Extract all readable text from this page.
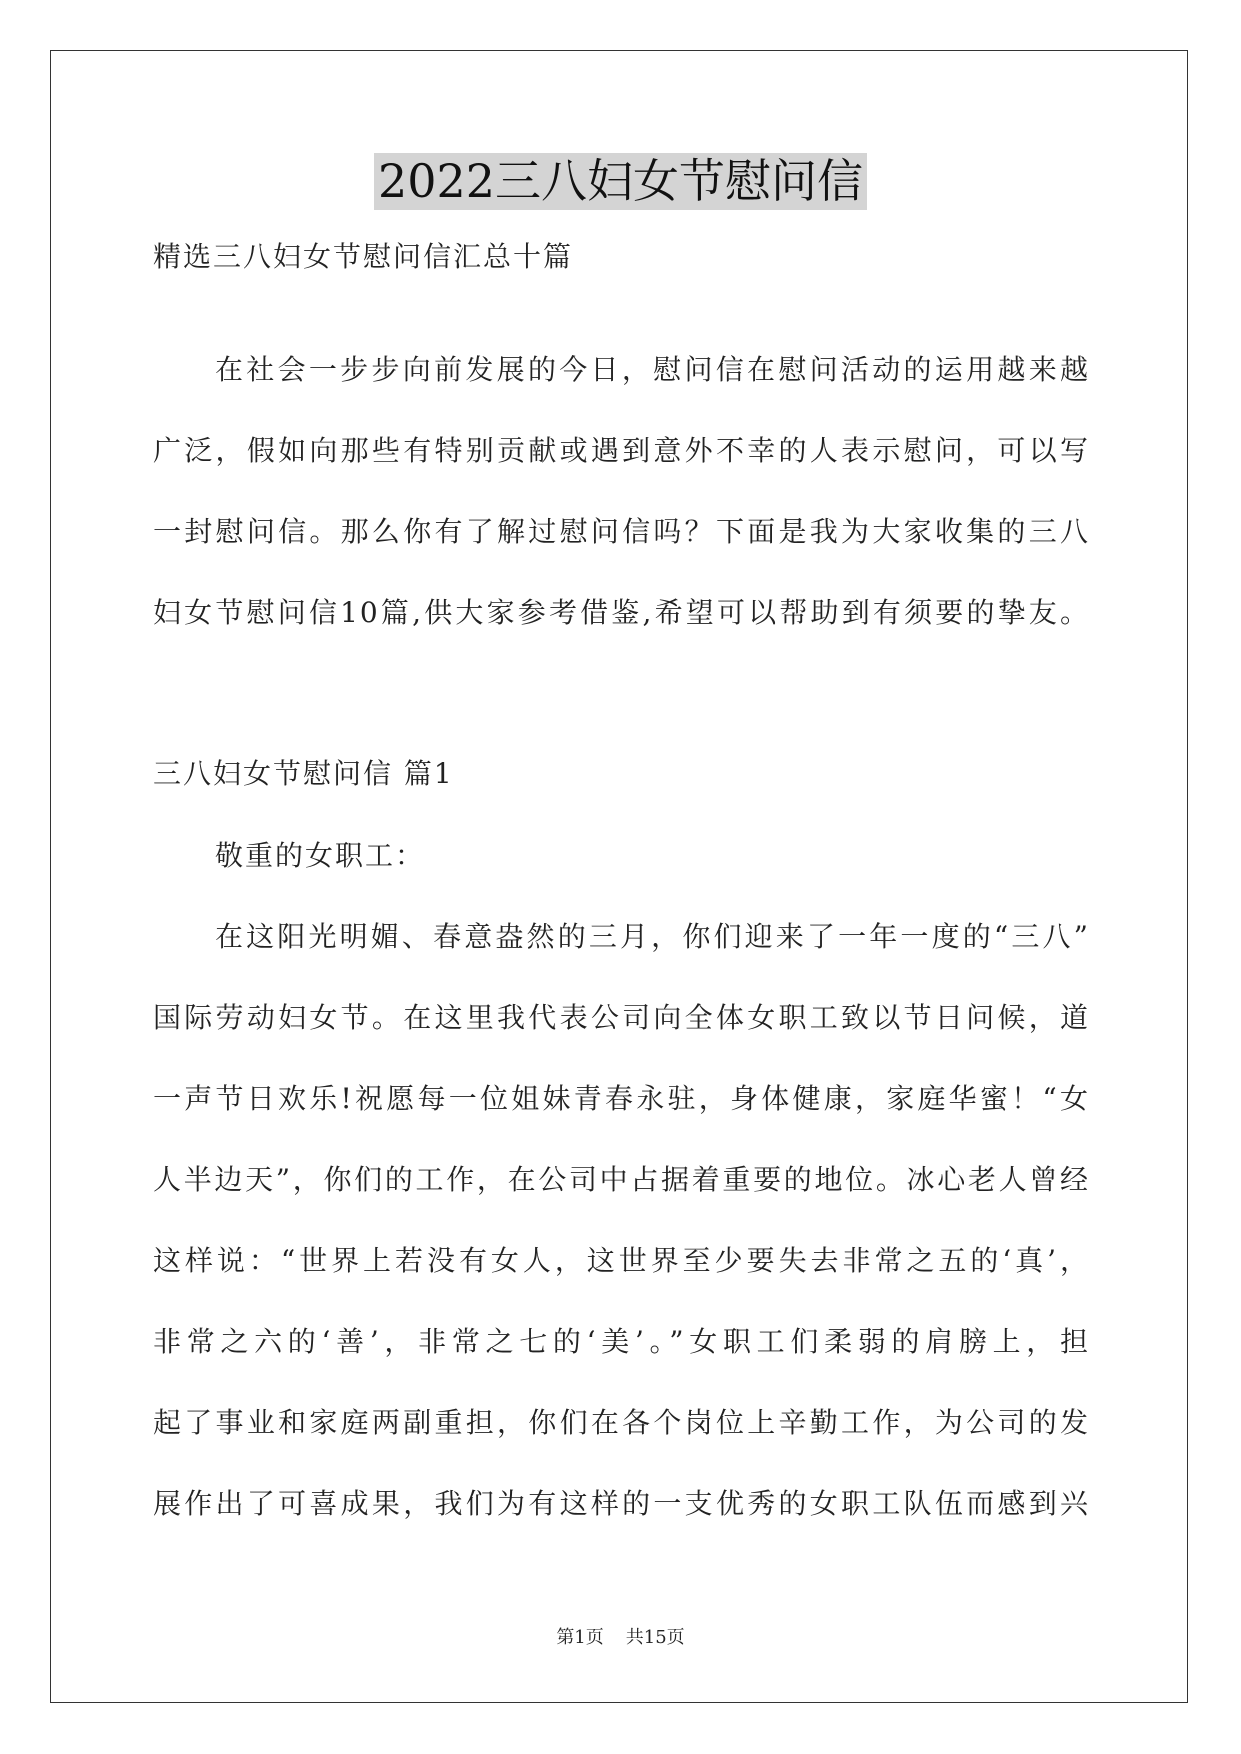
2022三八妇女节慰问信
精选三八妇女节慰问信汇总十篇
在社会一步步向前发展的今日，慰问信在慰问活动的运用越来越
广泛，假如向那些有特别贡献或遇到意外不幸的人表示慰问，可以写
一封慰问信。那么你有了解过慰问信吗？下面是我为大家收集的三八
妇女节慰问信10篇,供大家参考借鉴,希望可以帮助到有须要的挚友。
三八妇女节慰问信 篇1
敬重的女职工：
在这阳光明媚、春意盎然的三月，你们迎来了一年一度的“三八”
国际劳动妇女节。在这里我代表公司向全体女职工致以节日问候，道
一声节日欢乐!祝愿每一位姐妹青春永驻，身体健康，家庭华蜜！“女
人半边天”，你们的工作，在公司中占据着重要的地位。冰心老人曾经
这样说：“世界上若没有女人，这世界至少要失去非常之五的‘真’，
非常之六的‘善’，非常之七的‘美’。”女职工们柔弱的肩膀上，担
起了事业和家庭两副重担，你们在各个岗位上辛勤工作，为公司的发
展作出了可喜成果，我们为有这样的一支优秀的女职工队伍而感到兴
第1页 共15页
